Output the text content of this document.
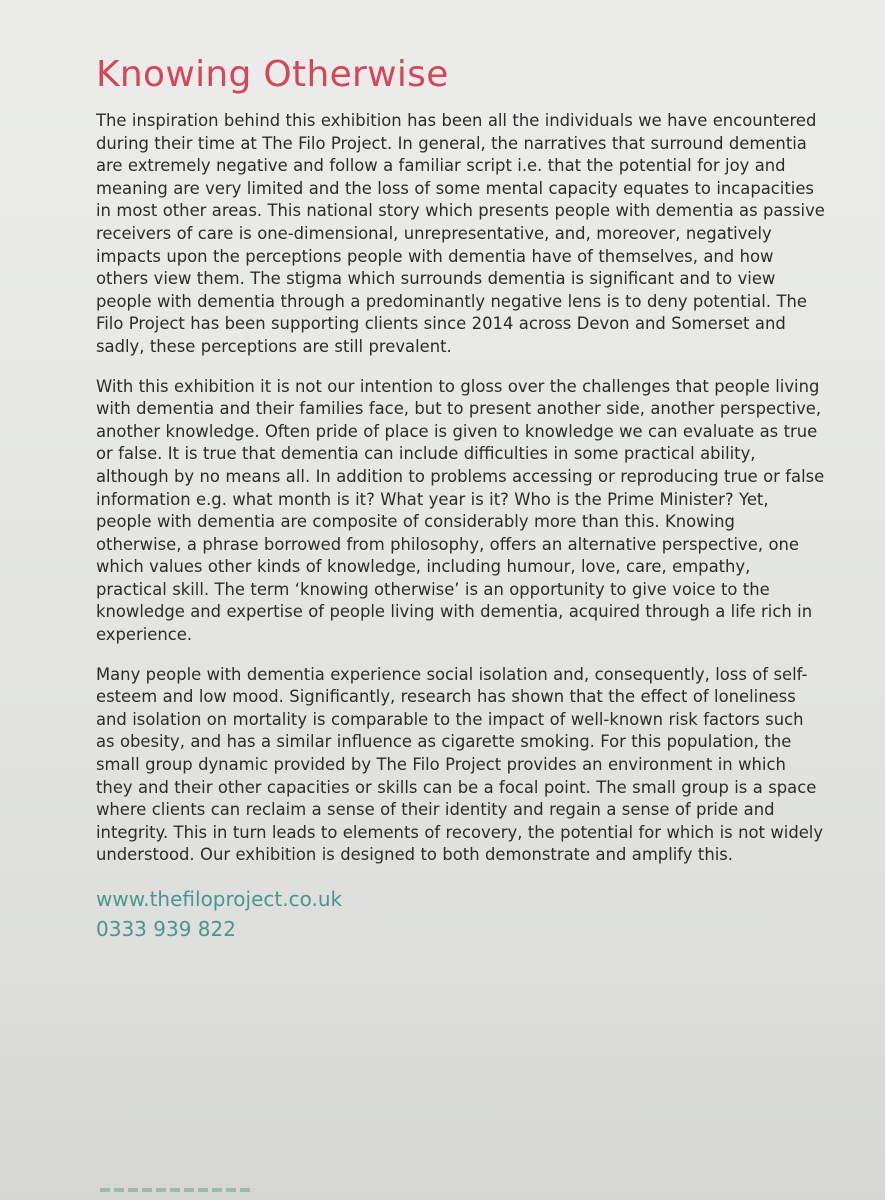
Knowing Otherwise

The inspiration behind this exhibition has been all the individuals we have encountered during their time at The Filo Project. In general, the narratives that surround dementia are extremely negative and follow a familiar script i.e. that the potential for joy and meaning are very limited and the loss of some mental capacity equates to incapacities in most other areas. This national story which presents people with dementia as passive receivers of care is one-dimensional, unrepresentative, and, moreover, negatively impacts upon the perceptions people with dementia have of themselves, and how others view them. The stigma which surrounds dementia is significant and to view people with dementia through a predominantly negative lens is to deny potential. The Filo Project has been supporting clients since 2014 across Devon and Somerset and sadly, these perceptions are still prevalent.

With this exhibition it is not our intention to gloss over the challenges that people living with dementia and their families face, but to present another side, another perspective, another knowledge. Often pride of place is given to knowledge we can evaluate as true or false. It is true that dementia can include difficulties in some practical ability, although by no means all. In addition to problems accessing or reproducing true or false information e.g. what month is it? What year is it? Who is the Prime Minister? Yet, people with dementia are composite of considerably more than this. Knowing otherwise, a phrase borrowed from philosophy, offers an alternative perspective, one which values other kinds of knowledge, including humour, love, care, empathy, practical skill. The term ‘knowing otherwise’ is an opportunity to give voice to the knowledge and expertise of people living with dementia, acquired through a life rich in experience.

Many people with dementia experience social isolation and, consequently, loss of self-esteem and low mood. Significantly, research has shown that the effect of loneliness and isolation on mortality is comparable to the impact of well-known risk factors such as obesity, and has a similar influence as cigarette smoking. For this population, the small group dynamic provided by The Filo Project provides an environment in which they and their other capacities or skills can be a focal point. The small group is a space where clients can reclaim a sense of their identity and regain a sense of pride and integrity. This in turn leads to elements of recovery, the potential for which is not widely understood. Our exhibition is designed to both demonstrate and amplify this.

www.thefiloproject.co.uk
0333 939 822
